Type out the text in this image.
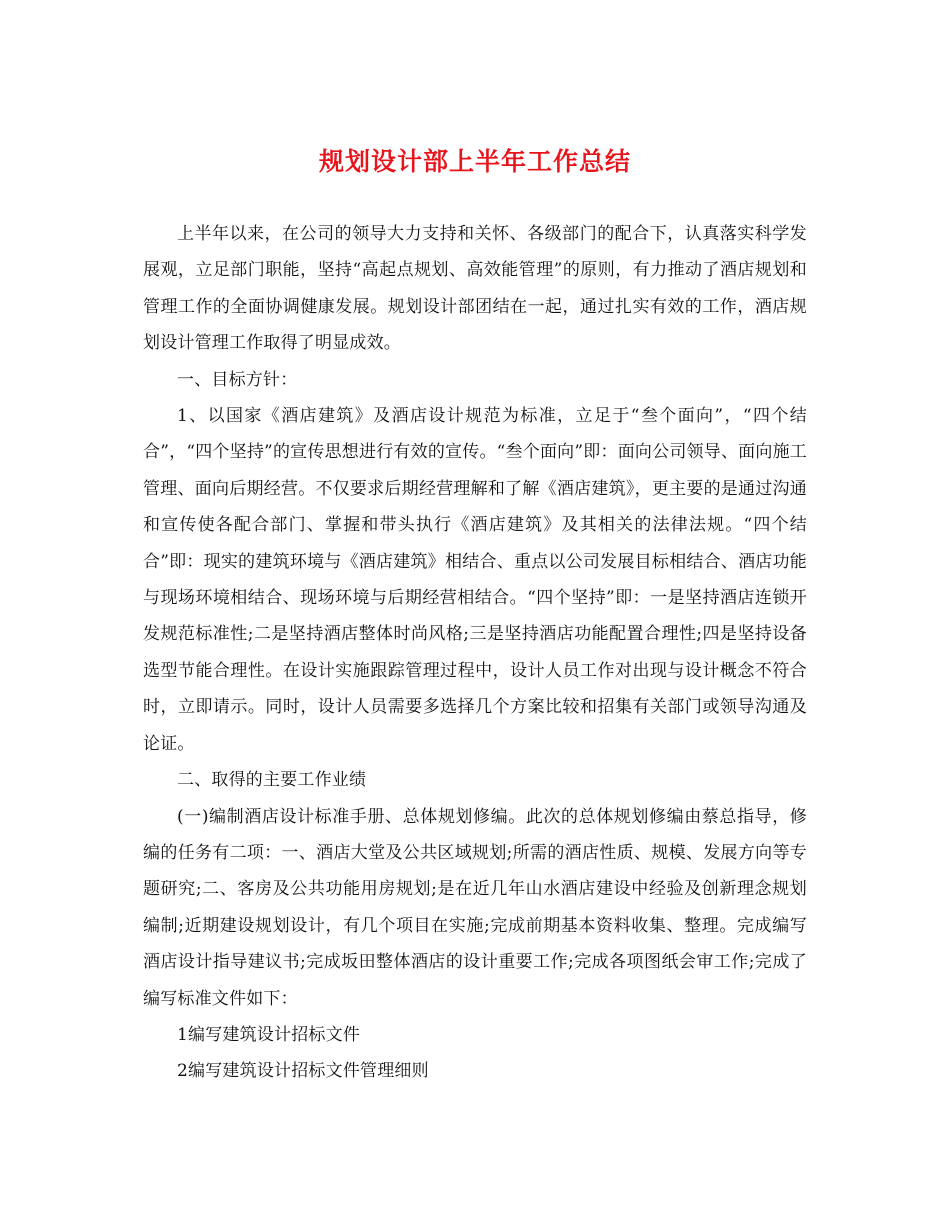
规划设计部上半年工作总结

上半年以来，在公司的领导大力支持和关怀、各级部门的配合下，认真落实科学发展观，立足部门职能，坚持“高起点规划、高效能管理”的原则，有力推动了酒店规划和管理工作的全面协调健康发展。规划设计部团结在一起，通过扎实有效的工作，酒店规划设计管理工作取得了明显成效。

一、目标方针：

1、以国家《酒店建筑》及酒店设计规范为标准，立足于“叁个面向”，“四个结合”，“四个坚持”的宣传思想进行有效的宣传。“叁个面向”即：面向公司领导、面向施工管理、面向后期经营。不仅要求后期经营理解和了解《酒店建筑》，更主要的是通过沟通和宣传使各配合部门、掌握和带头执行《酒店建筑》及其相关的法律法规。“四个结合”即：现实的建筑环境与《酒店建筑》相结合、重点以公司发展目标相结合、酒店功能与现场环境相结合、现场环境与后期经营相结合。“四个坚持”即：一是坚持酒店连锁开发规范标准性;二是坚持酒店整体时尚风格;三是坚持酒店功能配置合理性;四是坚持设备选型节能合理性。在设计实施跟踪管理过程中，设计人员工作对出现与设计概念不符合时，立即请示。同时，设计人员需要多选择几个方案比较和招集有关部门或领导沟通及论证。

二、取得的主要工作业绩

(一)编制酒店设计标准手册、总体规划修编。此次的总体规划修编由蔡总指导，修编的任务有二项：一、酒店大堂及公共区域规划;所需的酒店性质、规模、发展方向等专题研究;二、客房及公共功能用房规划;是在近几年山水酒店建设中经验及创新理念规划编制;近期建设规划设计，有几个项目在实施;完成前期基本资料收集、整理。完成编写酒店设计指导建议书;完成坂田整体酒店的设计重要工作;完成各项图纸会审工作;完成了编写标准文件如下：

1编写建筑设计招标文件

2编写建筑设计招标文件管理细则
